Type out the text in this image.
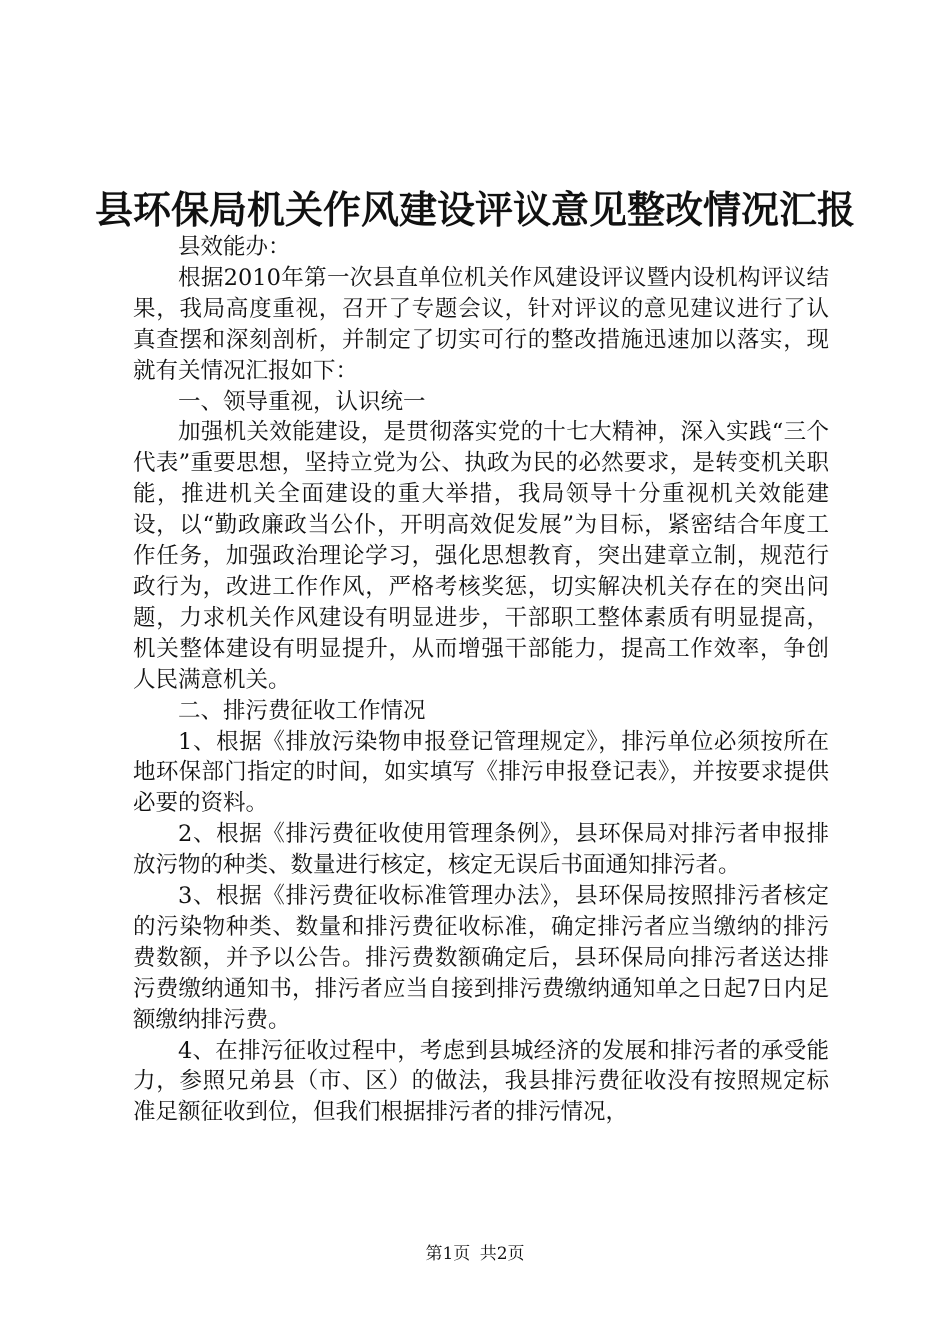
县环保局机关作风建设评议意见整改情况汇报

县效能办：

根据2010年第一次县直单位机关作风建设评议暨内设机构评议结果，我局高度重视，召开了专题会议，针对评议的意见建议进行了认真查摆和深刻剖析，并制定了切实可行的整改措施迅速加以落实，现就有关情况汇报如下：

一、领导重视，认识统一

加强机关效能建设，是贯彻落实党的十七大精神，深入实践“三个代表”重要思想，坚持立党为公、执政为民的必然要求，是转变机关职能，推进机关全面建设的重大举措，我局领导十分重视机关效能建设，以“勤政廉政当公仆，开明高效促发展”为目标，紧密结合年度工作任务，加强政治理论学习，强化思想教育，突出建章立制，规范行政行为，改进工作作风，严格考核奖惩，切实解决机关存在的突出问题，力求机关作风建设有明显进步，干部职工整体素质有明显提高，机关整体建设有明显提升，从而增强干部能力，提高工作效率，争创人民满意机关。

二、排污费征收工作情况

1、根据《排放污染物申报登记管理规定》，排污单位必须按所在地环保部门指定的时间，如实填写《排污申报登记表》，并按要求提供必要的资料。

2、根据《排污费征收使用管理条例》，县环保局对排污者申报排放污物的种类、数量进行核定，核定无误后书面通知排污者。

3、根据《排污费征收标准管理办法》，县环保局按照排污者核定的污染物种类、数量和排污费征收标准，确定排污者应当缴纳的排污费数额，并予以公告。排污费数额确定后，县环保局向排污者送达排污费缴纳通知书，排污者应当自接到排污费缴纳通知单之日起7日内足额缴纳排污费。

4、在排污征收过程中，考虑到县城经济的发展和排污者的承受能力，参照兄弟县（市、区）的做法，我县排污费征收没有按照规定标准足额征收到位，但我们根据排污者的排污情况，

第1页 共2页
